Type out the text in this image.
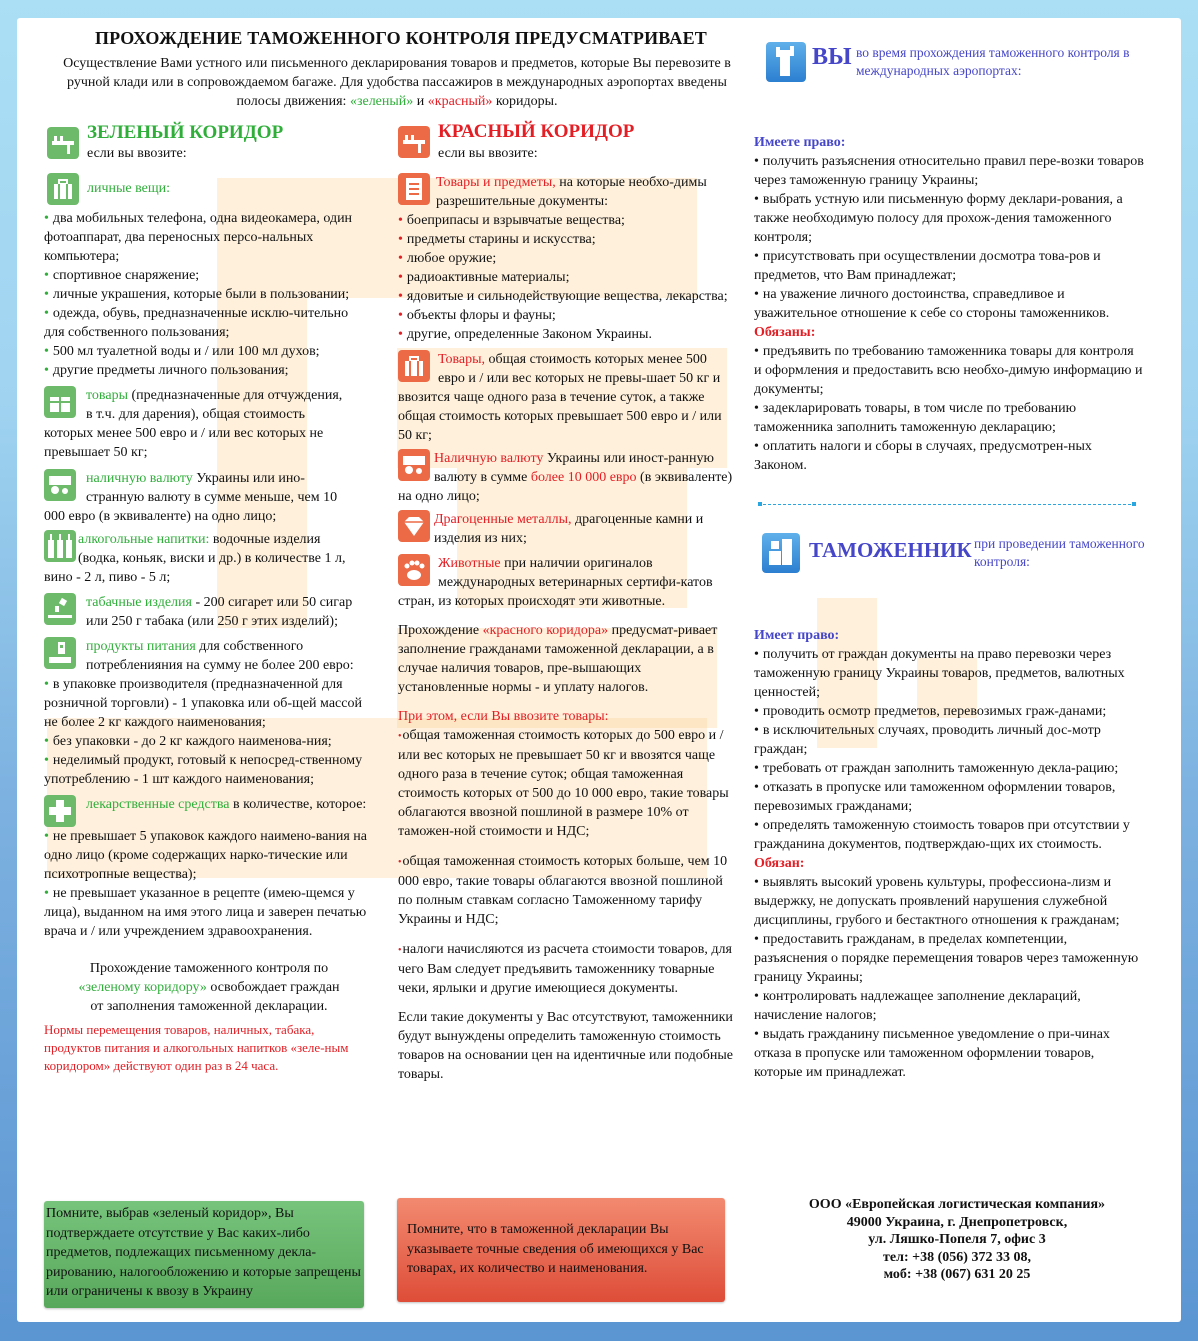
ПРОХОЖДЕНИЕ ТАМОЖЕННОГО КОНТРОЛЯ ПРЕДУСМАТРИВАЕТ
Осуществление Вами устного или письменного декларирования товаров и предметов, которые Вы перевозите в ручной клади или в сопровождаемом багаже. Для удобства пассажиров в международных аэропортах введены полосы движения: «зеленый» и «красный» коридоры.
ЗЕЛЕНЫЙ КОРИДОР
если вы ввозите:
личные вещи:
• два мобильных телефона, одна видеокамера, один фотоаппарат, два переносных персо-нальных компьютера;
• спортивное снаряжение;
• личные украшения, которые были в пользовании;
• одежда, обувь, предназначенные исклю-чительно для собственного пользования;
• 500 мл туалетной воды и / или 100 мл духов;
• другие предметы личного пользования;
товары (предназначенные для отчуждения, в т.ч. для дарения), общая стоимость которых менее 500 евро и / или вес которых не превышает 50 кг;
наличную валюту Украины или ино-странную валюту в сумме меньше, чем 10 000 евро (в эквиваленте) на одно лицо;
алкогольные напитки: водочные изделия (водка, коньяк, виски и др.) в количестве 1 л, вино - 2 л, пиво - 5 л;
табачные изделия - 200 сигарет или 50 сигар или 250 г табака (или 250 г этих изделий);
продукты питания для собственного потребленияния на сумму не более 200 евро:
• в упаковке производителя (предназначенной для розничной торговли) - 1 упаковка или об-щей массой не более 2 кг каждого наименования;
• без упаковки - до 2 кг каждого наименова-ния;
• неделимый продукт, готовый к непосред-ственному употреблению - 1 шт каждого наименования;
лекарственные средства в количестве, которое:
• не превышает 5 упаковок каждого наимено-вания на одно лицо (кроме содержащих нарко-тические или психотропные вещества);
• не превышает указанное в рецепте (имею-щемся у лица), выданном на имя этого лица и заверен печатью врача и / или учреждением здравоохранения.
Прохождение таможенного контроля по «зеленому коридору» освобождает граждан от заполнения таможенной декларации.
Нормы перемещения товаров, наличных, табака, продуктов питания и алкогольных напитков «зеле-ным коридором» действуют один раз в 24 часа.
Помните, выбрав «зеленый коридор», Вы подтверждаете отсутствие у Вас каких-либо предметов, подлежащих письменному декла-рированию, налогообложению и которые запрещены или ограничены к ввозу в Украину
КРАСНЫЙ КОРИДОР
если вы ввозите:
Товары и предметы, на которые необхо-димы разрешительные документы:
• боеприпасы и взрывчатые вещества;
• предметы старины и искусства;
• любое оружие;
• радиоактивные материалы;
• ядовитые и сильнодействующие вещества, лекарства;
• объекты флоры и фауны;
• другие, определенные Законом Украины.
Товары, общая стоимость которых менее 500 евро и / или вес которых не превы-шает 50 кг и ввозится чаще одного раза в течение суток, а также общая стоимость которых превышает 500 евро и / или 50 кг;
Наличную валюту Украины или иност-ранную валюту в сумме более 10 000 евро (в эквиваленте) на одно лицо;
Драгоценные металлы, драгоценные камни и изделия из них;
Животные при наличии оригиналов международных ветеринарных сертифи-катов стран, из которых происходят эти животные.
Прохождение «красного коридора» предусмат-ривает заполнение гражданами таможенной декларации, а в случае наличия товаров, пре-вышающих установленные нормы - и уплату налогов.
При этом, если Вы ввозите товары:
• общая таможенная стоимость которых до 500 евро и / или вес которых не превышает 50 кг и ввозятся чаще одного раза в течение суток; общая таможенная стоимость которых от 500 до 10 000 евро, такие товары облагаются ввозной пошлиной в размере 10% от таможен-ной стоимости и НДС;
• общая таможенная стоимость которых больше, чем 10 000 евро, такие товары облагаются ввозной пошлиной по полным ставкам согласно Таможенному тарифу Украины и НДС;
• налоги начисляются из расчета стоимости товаров, для чего Вам следует предъявить таможеннику товарные чеки, ярлыки и другие имеющиеся документы.
Если такие документы у Вас отсутствуют, таможенники будут вынуждены определить таможенную стоимость товаров на основании цен на идентичные или подобные товары.
Помните, что в таможенной декларации Вы указываете точные сведения об имеющихся у Вас товарах, их количество и наименования.
ВЫ во время прохождения таможенного контроля в международных аэропортах:
Имеете право:
• получить разъяснения относительно правил пере-возки товаров через таможенную границу Украины;
• выбрать устную или письменную форму деклари-рования, а также необходимую полосу для прохож-дения таможенного контроля;
• присутствовать при осуществлении досмотра това-ров и предметов, что Вам принадлежат;
• на уважение личного достоинства, справедливое и уважительное отношение к себе со стороны таможенников.
Обязаны:
• предъявить по требованию таможенника товары для контроля и оформления и предоставить всю необхо-димую информацию и документы;
• задекларировать товары, в том числе по требованию таможенника заполнить таможенную декларацию;
• оплатить налоги и сборы в случаях, предусмотрен-ных Законом.
ТАМОЖЕННИК при проведении таможенного контроля:
Имеет право:
• получить от граждан документы на право перевозки через таможенную границу Украины товаров, предметов, валютных ценностей;
• проводить осмотр предметов, перевозимых граж-данами;
• в исключительных случаях, проводить личный дос-мотр граждан;
• требовать от граждан заполнить таможенную декла-рацию;
• отказать в пропуске или таможенном оформлении товаров, перевозимых гражданами;
• определять таможенную стоимость товаров при отсутствии у гражданина документов, подтверждаю-щих их стоимость.
Обязан:
• выявлять высокий уровень культуры, профессиона-лизм и выдержку, не допускать проявлений нарушения служебной дисциплины, грубого и бестактного отношения к гражданам;
• предоставить гражданам, в пределах компетенции, разъяснения о порядке перемещения товаров через таможенную границу Украины;
• контролировать надлежащее заполнение деклараций, начисление налогов;
• выдать гражданину письменное уведомление о при-чинах отказа в пропуске или таможенном оформлении товаров, которые им принадлежат.
ООО «Европейская логистическая компания»
49000 Украина, г. Днепропетровск,
ул. Ляшко-Попеля 7, офис 3
тел: +38 (056) 372 33 08,
моб: +38 (067) 631 20 25
